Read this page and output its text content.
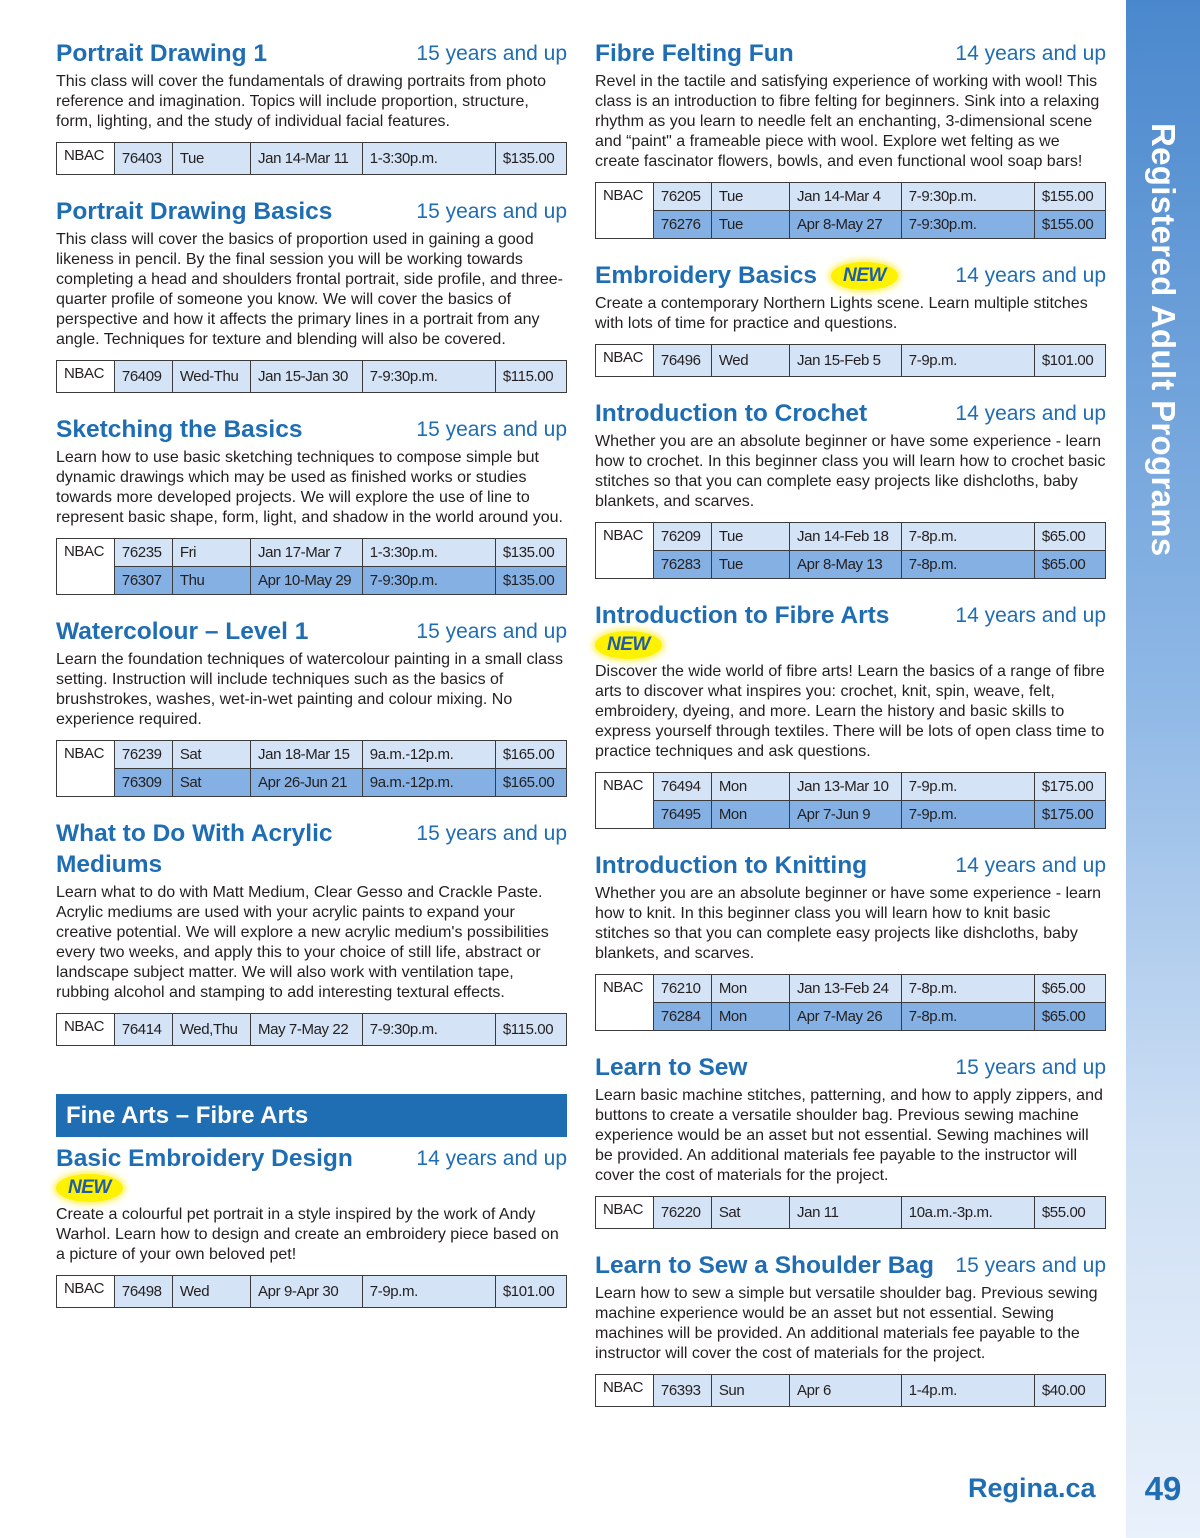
Portrait Drawing 1	15 years and up
This class will cover the fundamentals of drawing portraits from photo reference and imagination. Topics will include proportion, structure, form, lighting, and the study of individual facial features.
NBAC	76403	Tue	Jan 14-Mar 11	1-3:30p.m.	$135.00
Portrait Drawing Basics	15 years and up
This class will cover the basics of proportion used in gaining a good likeness in pencil. By the final session you will be working towards completing a head and shoulders frontal portrait, side profile, and three-quarter profile of someone you know. We will cover the basics of perspective and how it affects the primary lines in a portrait from any angle. Techniques for texture and blending will also be covered.
NBAC	76409	Wed-Thu	Jan 15-Jan 30	7-9:30p.m.	$115.00
Sketching the Basics	15 years and up
Learn how to use basic sketching techniques to compose simple but dynamic drawings which may be used as finished works or studies towards more developed projects. We will explore the use of line to represent basic shape, form, light, and shadow in the world around you.
NBAC	76235	Fri	Jan 17-Mar 7	1-3:30p.m.	$135.00
	76307	Thu	Apr 10-May 29	7-9:30p.m.	$135.00
Watercolour – Level 1	15 years and up
Learn the foundation techniques of watercolour painting in a small class setting. Instruction will include techniques such as the basics of brushstrokes, washes, wet-in-wet painting and colour mixing. No experience required.
NBAC	76239	Sat	Jan 18-Mar 15	9a.m.-12p.m.	$165.00
	76309	Sat	Apr 26-Jun 21	9a.m.-12p.m.	$165.00
What to Do With Acrylic Mediums
15 years and up
Learn what to do with Matt Medium, Clear Gesso and Crackle Paste. Acrylic mediums are used with your acrylic paints to expand your creative potential. We will explore a new acrylic medium's possibilities every two weeks, and apply this to your choice of still life, abstract or landscape subject matter. We will also work with ventilation tape, rubbing alcohol and stamping to add interesting textural effects.
NBAC	76414	Wed,Thu	May 7-May 22	7-9:30p.m.	$115.00
Fine Arts – Fibre Arts
Basic Embroidery Design
NEW
14 years and up
Create a colourful pet portrait in a style inspired by the work of Andy Warhol. Learn how to design and create an embroidery piece based on a picture of your own beloved pet!
NBAC	76498	Wed	Apr 9-Apr 30	7-9p.m.	$101.00
Fibre Felting Fun	14 years and up
Revel in the tactile and satisfying experience of working with wool! This class is an introduction to fibre felting for beginners. Sink into a relaxing rhythm as you learn to needle felt an enchanting, 3-dimensional scene and “paint" a frameable piece with wool. Explore wet felting as we create fascinator flowers, bowls, and even functional wool soap bars!
NBAC	76205	Tue	Jan 14-Mar 4	7-9:30p.m.	$155.00
	76276	Tue	Apr 8-May 27	7-9:30p.m.	$155.00
Embroidery Basics	NEW	14 years and up
Create a contemporary Northern Lights scene. Learn multiple stitches with lots of time for practice and questions.
NBAC	76496	Wed	Jan 15-Feb 5	7-9p.m.	$101.00
Introduction to Crochet	14 years and up
Whether you are an absolute beginner or have some experience - learn how to crochet. In this beginner class you will learn how to crochet basic stitches so that you can complete easy projects like dishcloths, baby blankets, and scarves.
NBAC	76209	Tue	Jan 14-Feb 18	7-8p.m.	$65.00
	76283	Tue	Apr 8-May 13	7-8p.m.	$65.00
Introduction to Fibre Arts
NEW
14 years and up
Discover the wide world of fibre arts! Learn the basics of a range of fibre arts to discover what inspires you: crochet, knit, spin, weave, felt, embroidery, dyeing, and more. Learn the history and basic skills to express yourself through textiles. There will be lots of open class time to practice techniques and ask questions.
NBAC	76494	Mon	Jan 13-Mar 10	7-9p.m.	$175.00
	76495	Mon	Apr 7-Jun 9	7-9p.m.	$175.00
Introduction to Knitting	14 years and up
Whether you are an absolute beginner or have some experience - learn how to knit. In this beginner class you will learn how to knit basic stitches so that you can complete easy projects like dishcloths, baby blankets, and scarves.
NBAC	76210	Mon	Jan 13-Feb 24	7-8p.m.	$65.00
	76284	Mon	Apr 7-May 26	7-8p.m.	$65.00
Learn to Sew	15 years and up
Learn basic machine stitches, patterning, and how to apply zippers, and buttons to create a versatile shoulder bag. Previous sewing machine experience would be an asset but not essential. Sewing machines will be provided. An additional materials fee payable to the instructor will cover the cost of materials for the project.
NBAC	76220	Sat	Jan 11	10a.m.-3p.m.	$55.00
Learn to Sew a Shoulder Bag 15 years and up
Learn how to sew a simple but versatile shoulder bag. Previous sewing machine experience would be an asset but not essential. Sewing machines will be provided. An additional materials fee payable to the instructor will cover the cost of materials for the project.
NBAC	76393	Sun	Apr 6	1-4p.m.	$40.00
Registered Adult Programs
Regina.ca	49
